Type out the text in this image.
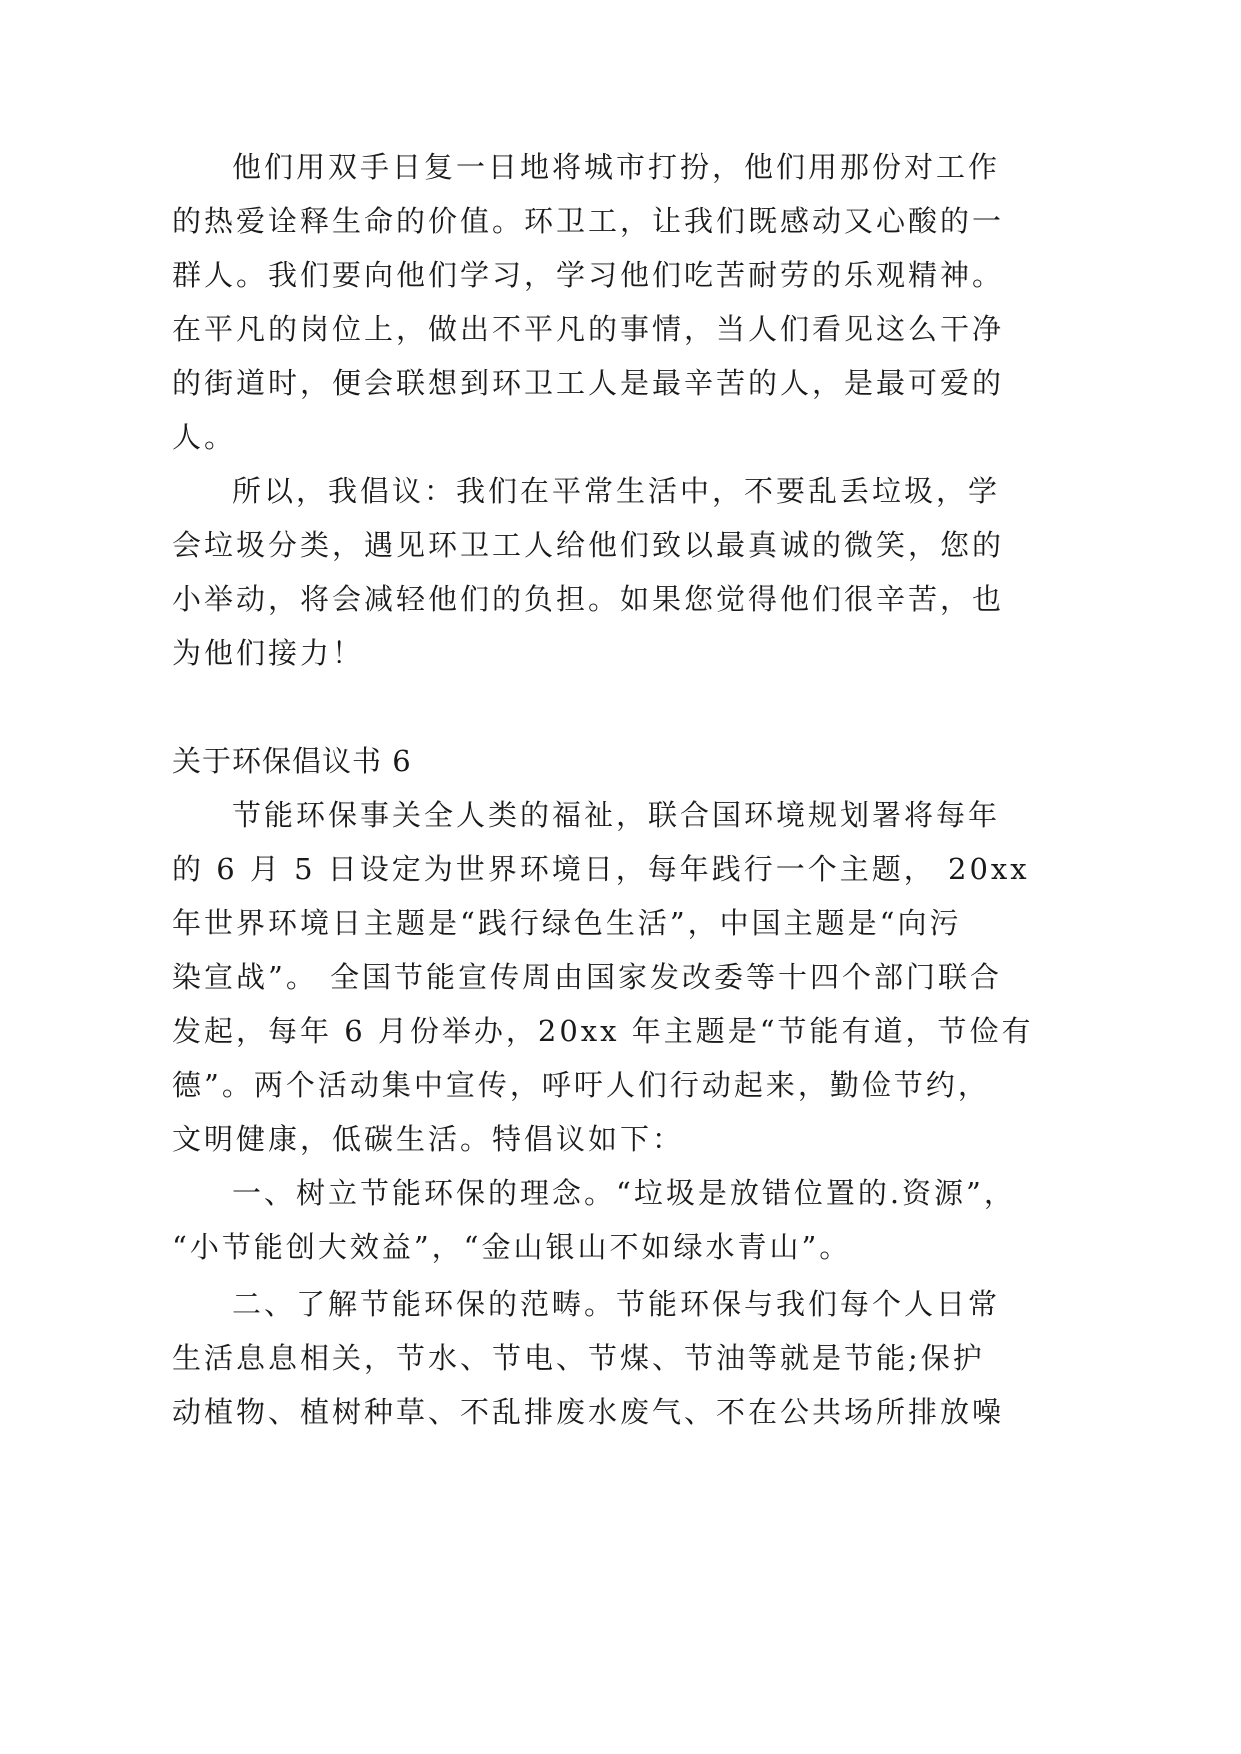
他们用双手日复一日地将城市打扮，他们用那份对工作
的热爱诠释生命的价值。环卫工，让我们既感动又心酸的一
群人。我们要向他们学习，学习他们吃苦耐劳的乐观精神。
在平凡的岗位上，做出不平凡的事情，当人们看见这么干净
的街道时，便会联想到环卫工人是最辛苦的人，是最可爱的
人。
所以，我倡议：我们在平常生活中，不要乱丢垃圾，学
会垃圾分类，遇见环卫工人给他们致以最真诚的微笑，您的
小举动，将会减轻他们的负担。如果您觉得他们很辛苦，也
为他们接力！
关于环保倡议书 6
节能环保事关全人类的福祉，联合国环境规划署将每年
的 6 月 5 日设定为世界环境日，每年践行一个主题， 20xx
年世界环境日主题是“践行绿色生活”，中国主题是“向污
染宣战”。 全国节能宣传周由国家发改委等十四个部门联合
发起，每年 6 月份举办，20xx 年主题是“节能有道，节俭有
德”。两个活动集中宣传，呼吁人们行动起来，勤俭节约，
文明健康，低碳生活。特倡议如下：
一、树立节能环保的理念。“垃圾是放错位置的.资源”，
“小节能创大效益”，“金山银山不如绿水青山”。
二、了解节能环保的范畴。节能环保与我们每个人日常
生活息息相关，节水、节电、节煤、节油等就是节能;保护
动植物、植树种草、不乱排废水废气、不在公共场所排放噪
